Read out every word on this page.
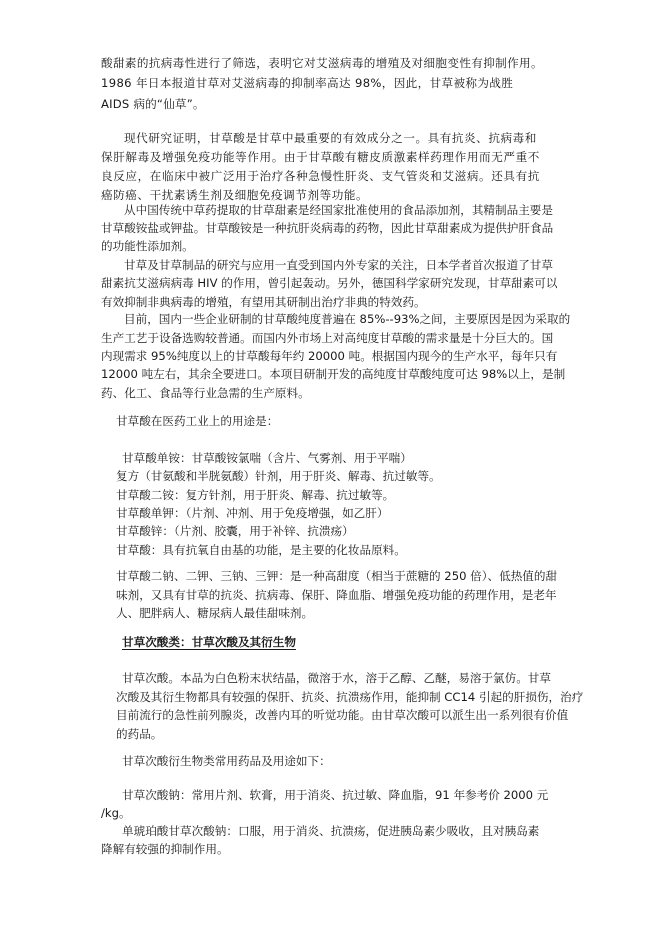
酸甜素的抗病毒性进行了筛选，表明它对艾滋病毒的增殖及对细胞变性有抑制作用。
1986 年日本报道甘草对艾滋病毒的抑制率高达 98%，因此，甘草被称为战胜
AIDS 病的“仙草”。
现代研究证明，甘草酸是甘草中最重要的有效成分之一。具有抗炎、抗病毒和
保肝解毒及增强免疫功能等作用。由于甘草酸有糖皮质激素样药理作用而无严重不
良反应，在临床中被广泛用于治疗各种急慢性肝炎、支气管炎和艾滋病。还具有抗
癌防癌、干扰素诱生剂及细胞免疫调节剂等功能。
从中国传统中草药提取的甘草甜素是经国家批准使用的食品添加剂，其精制品主要是
甘草酸铵盐或钾盐。甘草酸铵是一种抗肝炎病毒的药物，因此甘草甜素成为提供护肝食品
的功能性添加剂。
甘草及甘草制品的研究与应用一直受到国内外专家的关注，日本学者首次报道了甘草
甜素抗艾滋病病毒 HIV 的作用，曾引起轰动。另外，德国科学家研究发现，甘草甜素可以
有效抑制非典病毒的增殖，有望用其研制出治疗非典的特效药。
目前，国内一些企业研制的甘草酸纯度普遍在 85%--93%之间，主要原因是因为采取的
生产工艺于设备选购较普通。而国内外市场上对高纯度甘草酸的需求量是十分巨大的。国
内现需求 95%纯度以上的甘草酸每年约 20000 吨。根据国内现今的生产水平，每年只有
12000 吨左右，其余全要进口。本项目研制开发的高纯度甘草酸纯度可达 98%以上，是制
药、化工、食品等行业急需的生产原料。
甘草酸在医药工业上的用途是：
甘草酸单铵：甘草酸铵氯喘（含片、气雾剂、用于平喘）
复方（甘氨酸和半胱氨酸）针剂，用于肝炎、解毒、抗过敏等。
甘草酸二铵：复方针剂，用于肝炎、解毒、抗过敏等。
甘草酸单钾：（片剂、冲剂、用于免疫增强，如乙肝）
甘草酸锌：（片剂、胶囊，用于补锌、抗溃疡）
甘草酸：具有抗氧自由基的功能，是主要的化妆品原料。
甘草酸二钠、二钾、三钠、三钾：是一种高甜度（相当于蔗糖的 250 倍）、低热值的甜
味剂，又具有甘草的抗炎、抗病毒、保肝、降血脂、增强免疫功能的药理作用，是老年
人、肥胖病人、糖尿病人最佳甜味剂。
甘草次酸类：甘草次酸及其衍生物
甘草次酸。本品为白色粉末状结晶，微溶于水，溶于乙醇、乙醚，易溶于氯仿。甘草
次酸及其衍生物都具有较强的保肝、抗炎、抗溃疡作用，能抑制 CC14 引起的肝损伤，治疗
目前流行的急性前列腺炎，改善内耳的听觉功能。由甘草次酸可以派生出一系列很有价值
的药品。
甘草次酸衍生物类常用药品及用途如下：
甘草次酸钠：常用片剂、软膏，用于消炎、抗过敏、降血脂，91 年参考价 2000 元
/kg。
单琥珀酸甘草次酸钠：口服，用于消炎、抗溃疡，促进胰岛素少吸收，且对胰岛素
降解有较强的抑制作用。
